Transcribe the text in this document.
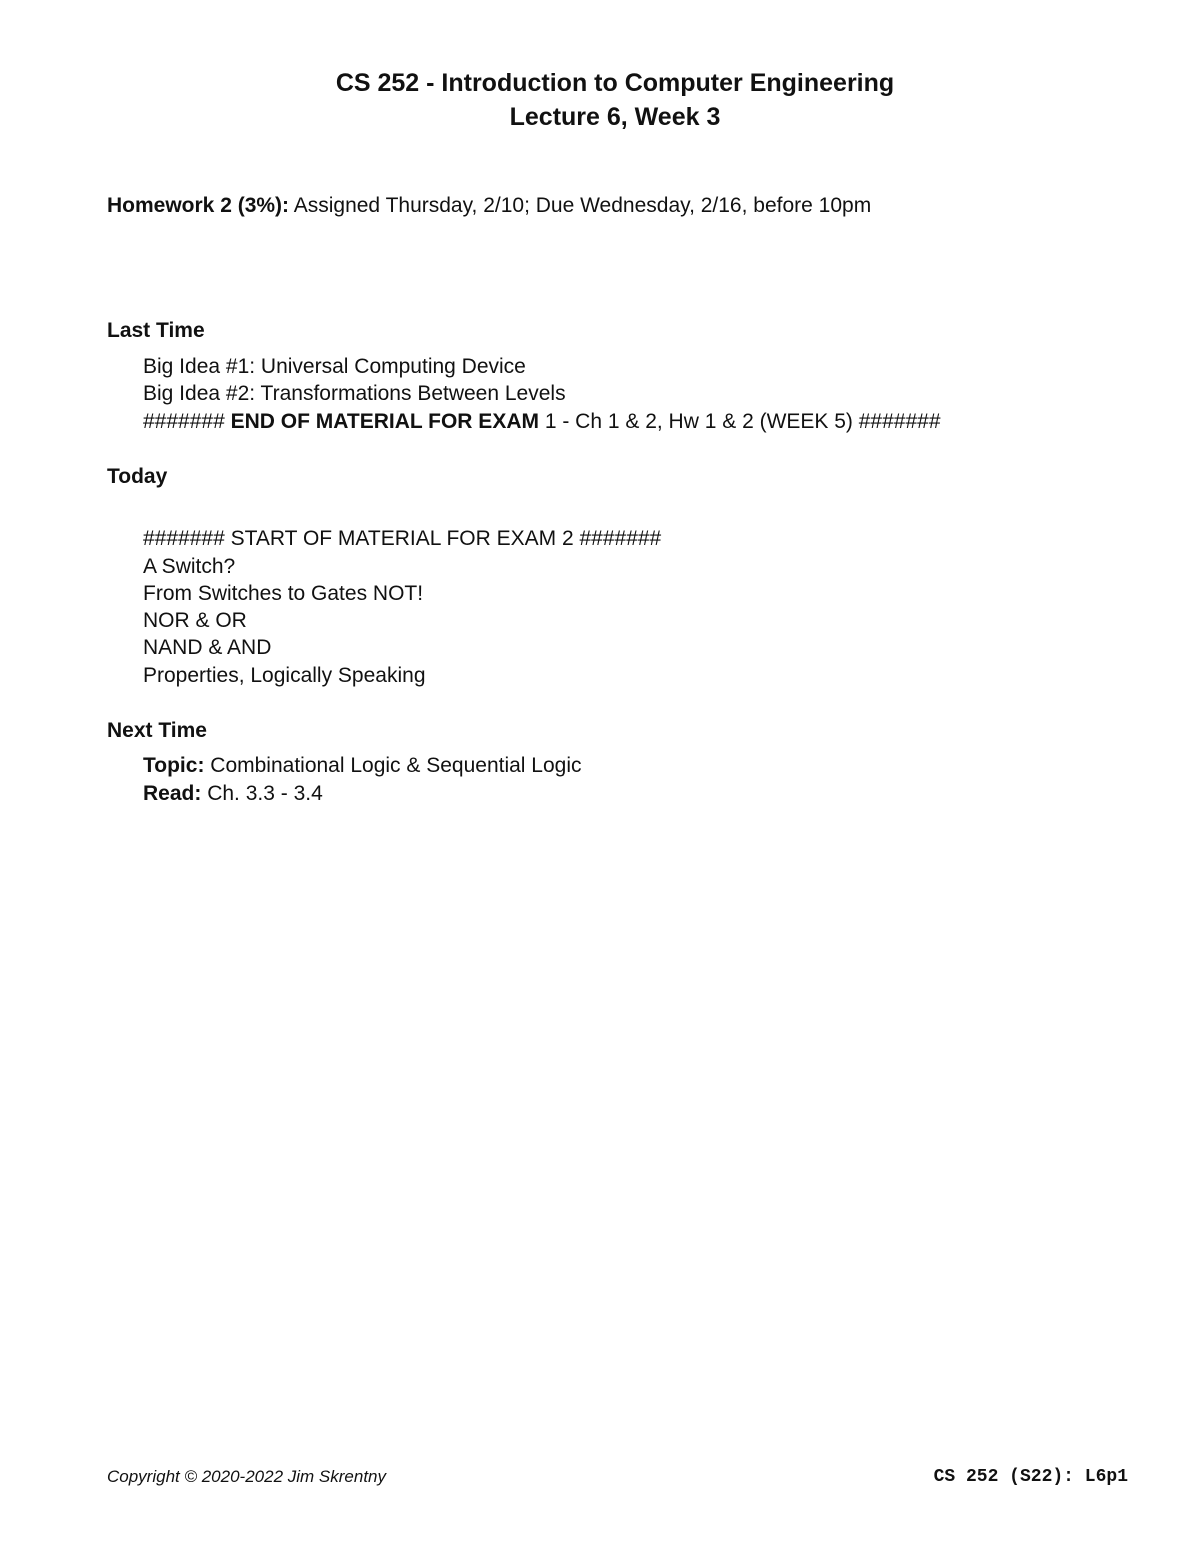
CS 252 - Introduction to Computer Engineering
Lecture 6, Week 3
Homework 2 (3%): Assigned Thursday, 2/10; Due Wednesday, 2/16, before 10pm
Last Time
Big Idea #1: Universal Computing Device
Big Idea #2: Transformations Between Levels
####### END OF MATERIAL FOR EXAM 1 - Ch 1 & 2, Hw 1 & 2 (WEEK 5) #######
Today
####### START OF MATERIAL FOR EXAM 2 #######
A Switch?
From Switches to Gates NOT!
NOR & OR
NAND & AND
Properties, Logically Speaking
Next Time
Topic: Combinational Logic & Sequential Logic
Read: Ch. 3.3 - 3.4
Copyright © 2020-2022 Jim Skrentny	CS 252 (S22): L6p1
